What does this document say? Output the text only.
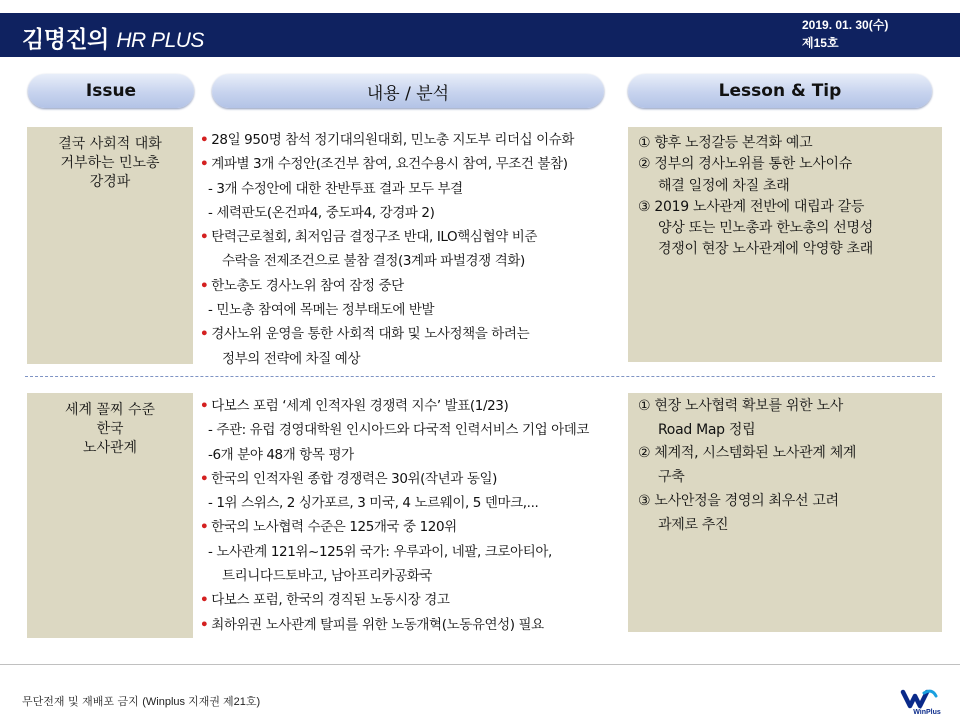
김명진의 HR PLUS
2019. 01. 30(수)
제15호
Issue	내용 / 분석	Lesson & Tip
결국 사회적 대화
거부하는 민노총
강경파
• 28일 950명 참석 정기대의원대회, 민노총 지도부 리더십 이슈화
• 계파별 3개 수정안(조건부 참여, 요건수용시 참여, 무조건 불참)
- 3개 수정안에 대한 찬반투표 결과 모두 부결
- 세력판도(온건파4, 중도파4, 강경파 2)
• 탄력근로철회, 최저임금 결정구조 반대, ILO핵심협약 비준
수락을 전제조건으로 불참 결정(3계파 파벌경쟁 격화)
• 한노총도 경사노위 참여 잠정 중단
- 민노총 참여에 목메는 정부태도에 반발
• 경사노위 운영을 통한 사회적 대화 및 노사정책을 하려는
정부의 전략에 차질 예상
① 향후 노정갈등 본격화 예고
② 정부의 경사노위를 통한 노사이슈
해결 일정에 차질 초래
③ 2019 노사관계 전반에 대립과 갈등
양상 또는 민노총과 한노총의 선명성
경쟁이 현장 노사관계에 악영향 초래
세계 꼴찌 수준
한국
노사관계
• 다보스 포럼 ‘세계 인적자원 경쟁력 지수’ 발표(1/23)
- 주관: 유럽 경영대학원 인시아드와 다국적 인력서비스 기업 아데코
-6개 분야 48개 항목 평가
• 한국의 인적자원 종합 경쟁력은 30위(작년과 동일)
- 1위 스위스, 2 싱가포르, 3 미국, 4 노르웨이, 5 덴마크,...
• 한국의 노사협력 수준은 125개국 중 120위
- 노사관계 121위~125위 국가: 우루과이, 네팔, 크로아티아,
트리니다드토바고, 남아프리카공화국
• 다보스 포럼, 한국의 경직된 노동시장 경고
• 최하위권 노사관계 탈피를 위한 노동개혁(노동유연성) 필요
① 현장 노사협력 확보를 위한 노사
Road Map 정립
② 체계적, 시스템화된 노사관계 체계
구축
③ 노사안정을 경영의 최우선 고려
과제로 추진
무단전재 및 재배포 금지 (Winplus 지재권 제21호)
WinPlus
